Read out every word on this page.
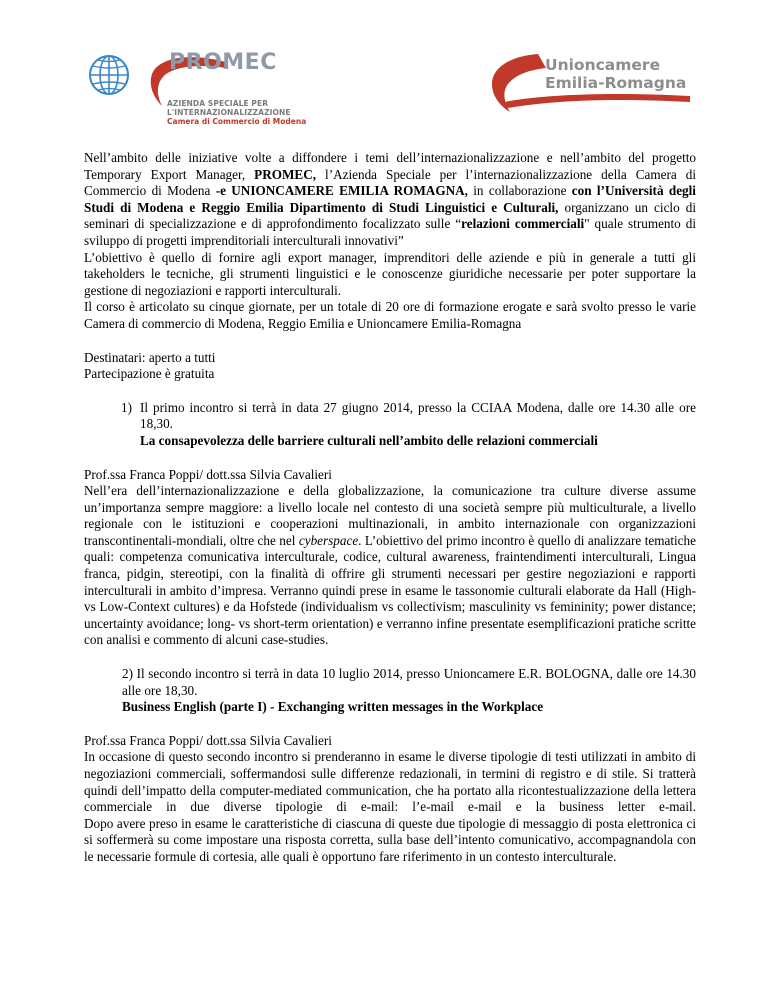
PROMEC
AZIENDA SPECIALE PER
L'INTERNAZIONALIZZAZIONE
Camera di Commercio di Modena
Unioncamere
Emilia-Romagna

Nell’ambito delle iniziative volte a diffondere i temi dell’internazionalizzazione e nell’ambito del progetto Temporary Export Manager, PROMEC, l’Azienda Speciale per l’internazionalizzazione della Camera di Commercio di Modena -e UNIONCAMERE EMILIA ROMAGNA, in collaborazione con l’Università degli Studi di Modena e Reggio Emilia Dipartimento di Studi Linguistici e Culturali, organizzano un ciclo di seminari di specializzazione e di approfondimento focalizzato sulle “relazioni commerciali" quale strumento di sviluppo di progetti imprenditoriali interculturali innovativi”

L’obiettivo è quello di fornire agli export manager, imprenditori delle aziende e più in generale a tutti gli takeholders le tecniche, gli strumenti linguistici e le conoscenze giuridiche necessarie per poter supportare la gestione di negoziazioni e rapporti interculturali.

Il corso è articolato su cinque giornate, per un totale di 20 ore di formazione erogate e sarà svolto presso le varie Camera di commercio di Modena, Reggio Emilia e Unioncamere Emilia-Romagna

Destinatari: aperto a tutti

Partecipazione è gratuita

1) Il primo incontro si terrà in data 27 giugno 2014, presso la CCIAA Modena, dalle ore 14.30 alle ore 18,30.
La consapevolezza delle barriere culturali nell’ambito delle relazioni commerciali

Prof.ssa Franca Poppi/ dott.ssa Silvia Cavalieri

Nell’era dell’internazionalizzazione e della globalizzazione, la comunicazione tra culture diverse assume un’importanza sempre maggiore: a livello locale nel contesto di una società sempre più multiculturale, a livello regionale con le istituzioni e cooperazioni multinazionali, in ambito internazionale con organizzazioni transcontinentali-mondiali, oltre che nel cyberspace. L’obiettivo del primo incontro è quello di analizzare tematiche quali: competenza comunicativa interculturale, codice, cultural awareness, fraintendimenti interculturali, Lingua franca, pidgin, stereotipi, con la finalità di offrire gli strumenti necessari per gestire negoziazioni e rapporti interculturali in ambito d’impresa. Verranno quindi prese in esame le tassonomie culturali elaborate da Hall (High- vs Low-Context cultures) e da Hofstede (individualism vs collectivism; masculinity vs femininity; power distance; uncertainty avoidance; long- vs short-term orientation) e verranno infine presentate esemplificazioni pratiche scritte con analisi e commento di alcuni case-studies.

2) Il secondo incontro si terrà in data 10 luglio 2014, presso Unioncamere E.R. BOLOGNA, dalle ore 14.30 alle ore 18,30.
Business English (parte I) - Exchanging written messages in the Workplace

Prof.ssa Franca Poppi/ dott.ssa Silvia Cavalieri

In occasione di questo secondo incontro si prenderanno in esame le diverse tipologie di testi utilizzati in ambito di negoziazioni commerciali, soffermandosi sulle differenze redazionali, in termini di registro e di stile. Si tratterà quindi dell’impatto della computer-mediated communication, che ha portato alla ricontestualizzazione della lettera commerciale in due diverse tipologie di e-mail: l’e-mail e-mail e la business letter e-mail.

Dopo avere preso in esame le caratteristiche di ciascuna di queste due tipologie di messaggio di posta elettronica ci si soffermerà su come impostare una risposta corretta, sulla base dell’intento comunicativo, accompagnandola con le necessarie formule di cortesia, alle quali è opportuno fare riferimento in un contesto interculturale.
